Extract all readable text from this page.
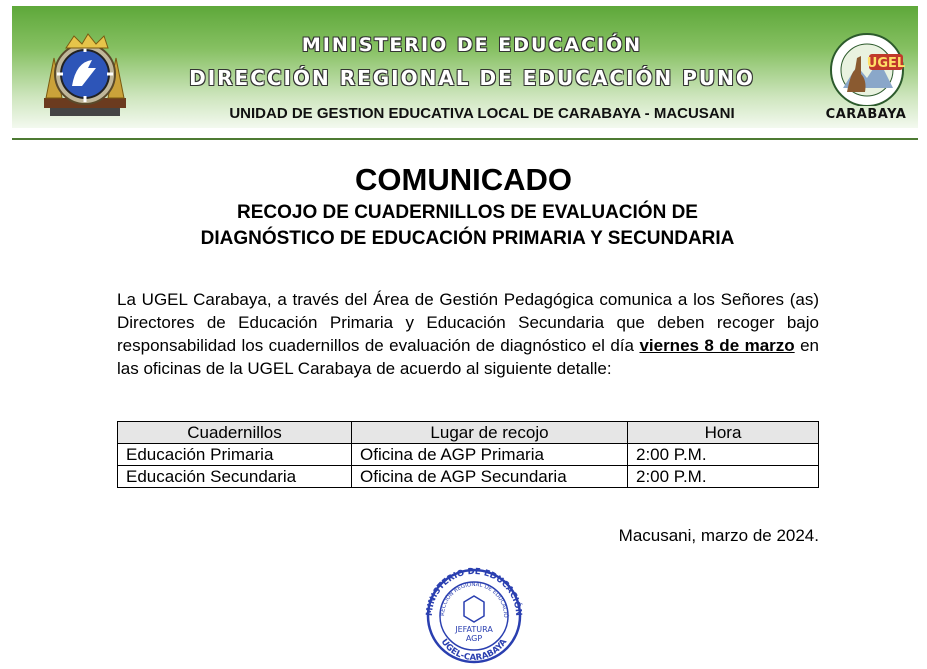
MINISTERIO DE EDUCACIÓN
DIRECCIÓN REGIONAL DE EDUCACIÓN PUNO
UNIDAD DE GESTION EDUCATIVA LOCAL DE CARABAYA - MACUSANI
UGEL
CARABAYA
COMUNICADO
RECOJO DE CUADERNILLOS DE EVALUACIÓN DE
DIAGNÓSTICO DE EDUCACIÓN PRIMARIA Y SECUNDARIA
La UGEL Carabaya, a través del Área de Gestión Pedagógica comunica a los Señores (as) Directores de Educación Primaria y Educación Secundaria que deben recoger bajo responsabilidad los cuadernillos de evaluación de diagnóstico el día viernes 8 de marzo en las oficinas de la UGEL Carabaya de acuerdo al siguiente detalle:
Cuadernillos	Lugar de recojo	Hora
Educación Primaria	Oficina de AGP Primaria	2:00 P.M.
Educación Secundaria	Oficina de AGP Secundaria	2:00 P.M.
Macusani, marzo de 2024.
MINISTERIO DE EDUCACIÓN
RECCIÓN REGIONAL DE EDUCACIÓ
UGEL-CARABAYA
JEFATURA
AGP
